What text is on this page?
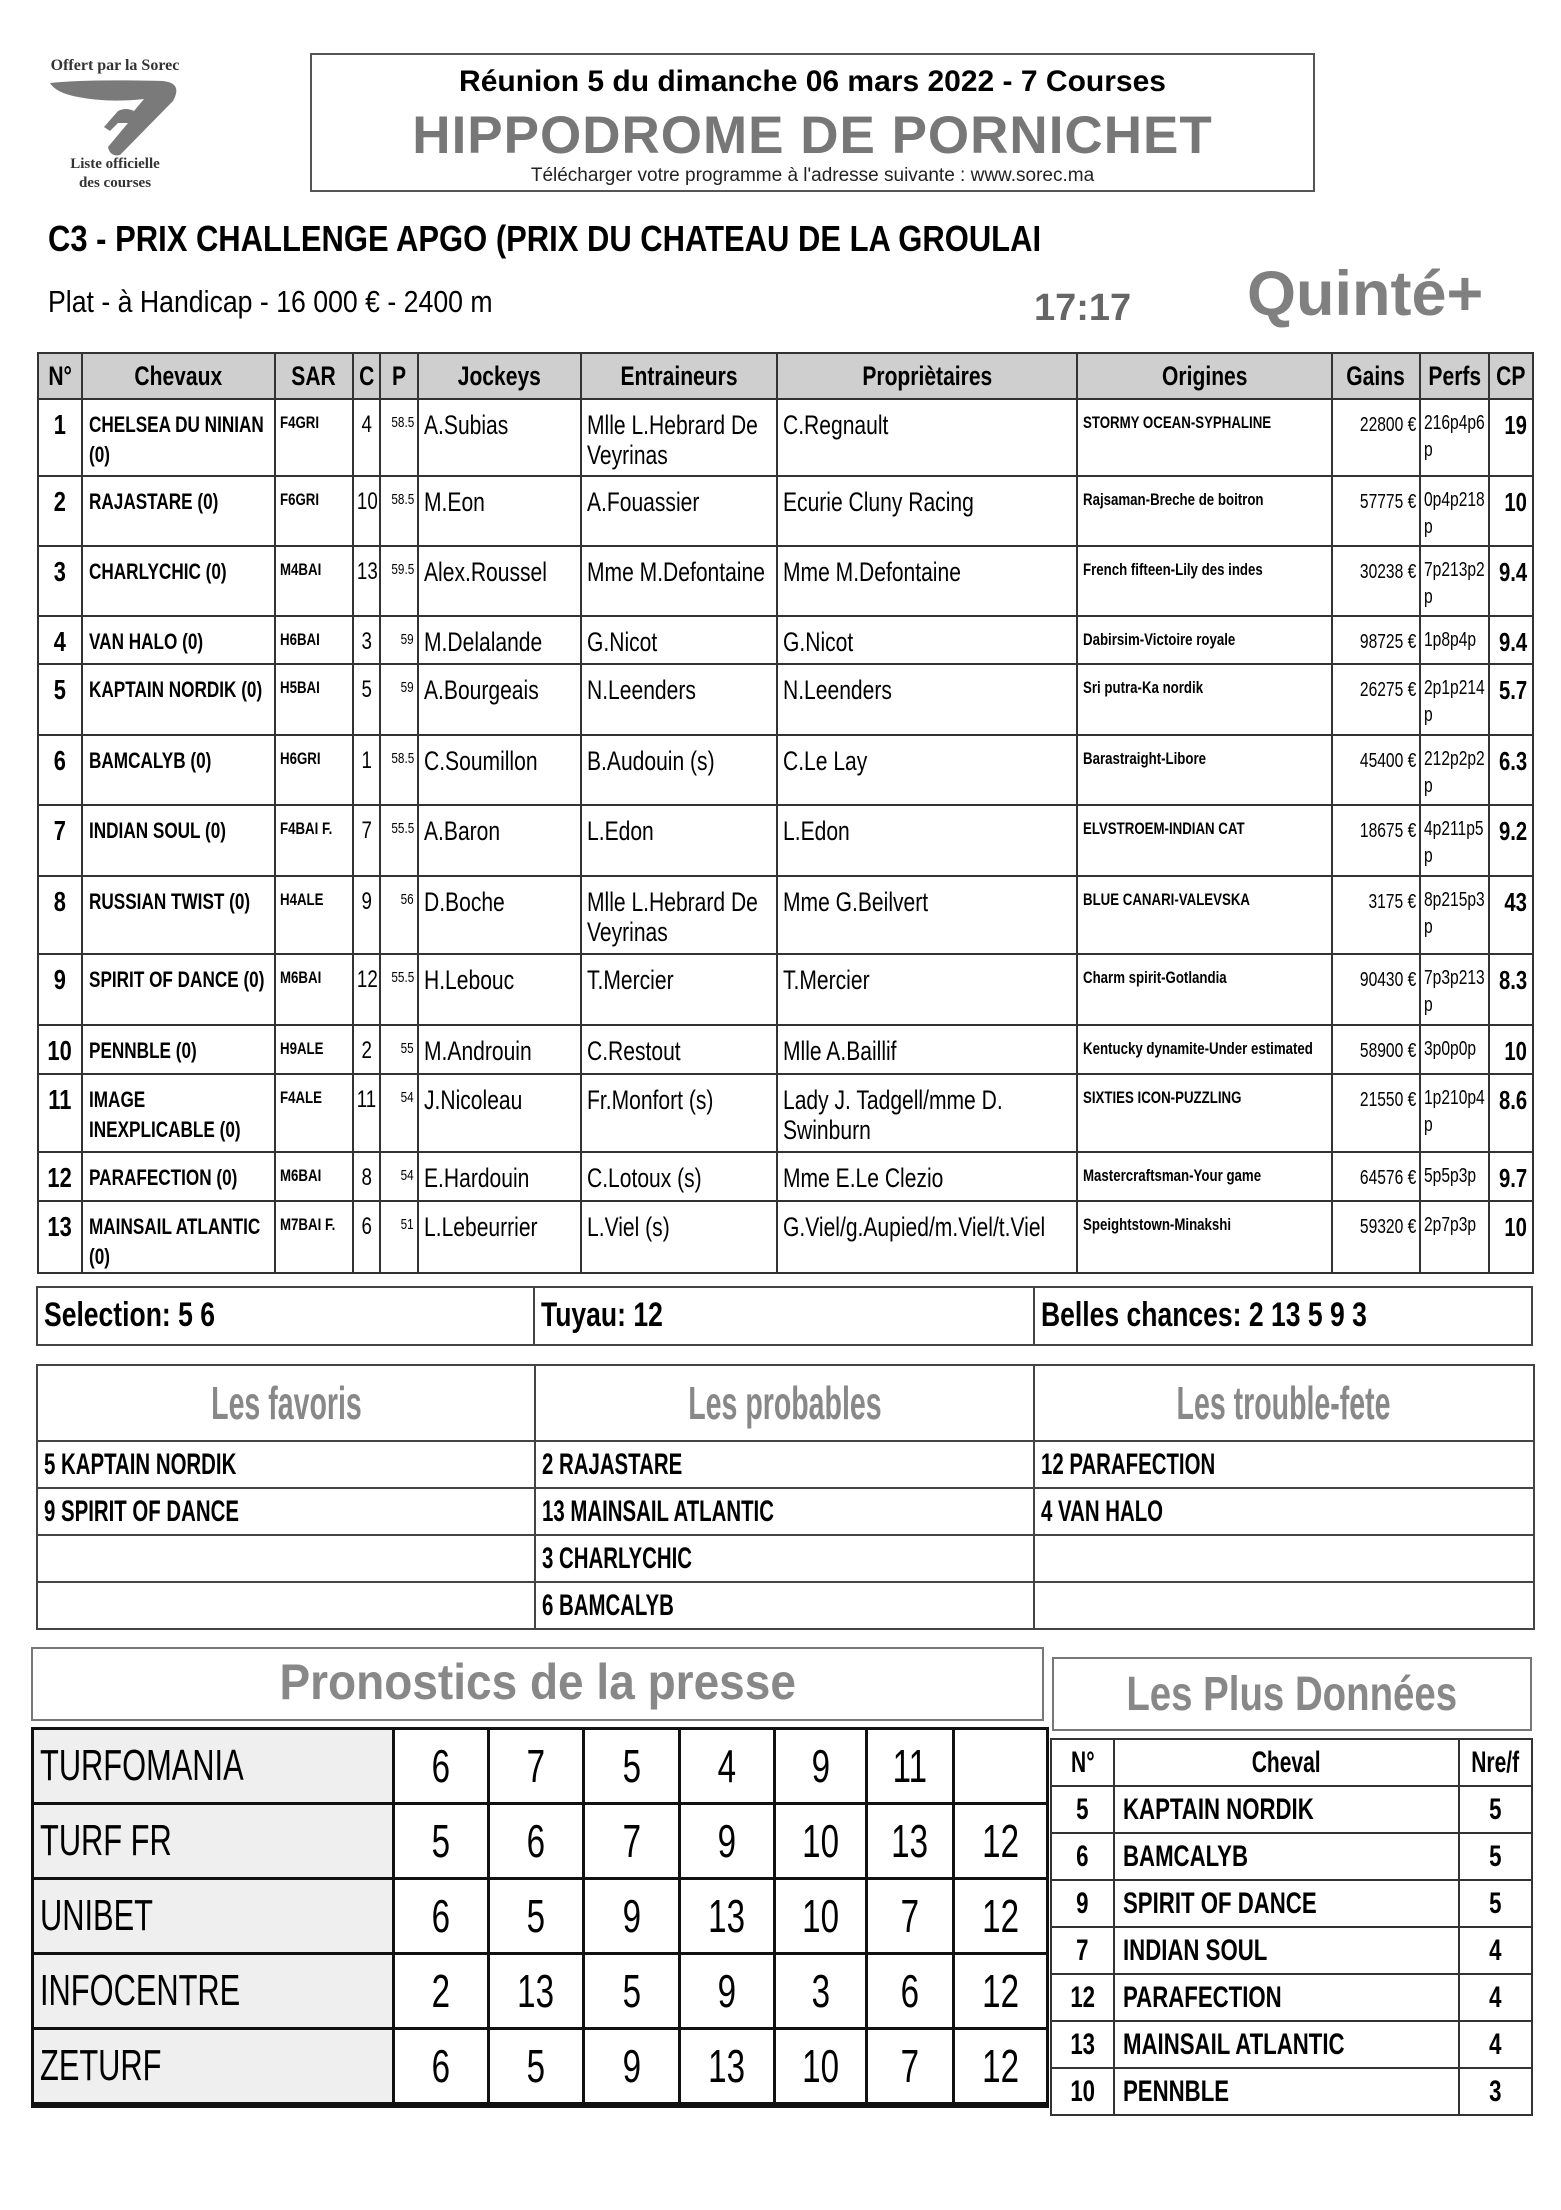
Offert par la Sorec
Liste officielle
des courses
Réunion 5 du dimanche 06 mars 2022 - 7 Courses
HIPPODROME DE PORNICHET
Télécharger votre programme à l'adresse suivante : www.sorec.ma
C3 - PRIX CHALLENGE APGO (PRIX DU CHATEAU DE LA GROULAI
Plat - à Handicap - 16 000 € - 2400 m	17:17 Quinté+
N°	Chevaux	SAR	C	P	Jockeys	Entraineurs	Propriètaires	Origines	Gains	Perfs	CP
1	CHELSEA DU NINIAN (0)	F4GRI	4	58.5	A.Subias	Mlle L.Hebrard De Veyrinas	C.Regnault	STORMY OCEAN-SYPHALINE	22800 €	216p4p6p	19
2	RAJASTARE (0)	F6GRI	10	58.5	M.Eon	A.Fouassier	Ecurie Cluny Racing	Rajsaman-Breche de boitron	57775 €	0p4p218p	10
3	CHARLYCHIC (0)	M4BAI	13	59.5	Alex.Roussel	Mme M.Defontaine	Mme M.Defontaine	French fifteen-Lily des indes	30238 €	7p213p2p	9.4
4	VAN HALO (0)	H6BAI	3	59	M.Delalande	G.Nicot	G.Nicot	Dabirsim-Victoire royale	98725 €	1p8p4p	9.4
5	KAPTAIN NORDIK (0)	H5BAI	5	59	A.Bourgeais	N.Leenders	N.Leenders	Sri putra-Ka nordik	26275 €	2p1p214p	5.7
6	BAMCALYB (0)	H6GRI	1	58.5	C.Soumillon	B.Audouin (s)	C.Le Lay	Barastraight-Libore	45400 €	212p2p2p	6.3
7	INDIAN SOUL (0)	F4BAI F.	7	55.5	A.Baron	L.Edon	L.Edon	ELVSTROEM-INDIAN CAT	18675 €	4p211p5p	9.2
8	RUSSIAN TWIST (0)	H4ALE	9	56	D.Boche	Mlle L.Hebrard De Veyrinas	Mme G.Beilvert	BLUE CANARI-VALEVSKA	3175 €	8p215p3p	43
9	SPIRIT OF DANCE (0)	M6BAI	12	55.5	H.Lebouc	T.Mercier	T.Mercier	Charm spirit-Gotlandia	90430 €	7p3p213p	8.3
10	PENNBLE (0)	H9ALE	2	55	M.Androuin	C.Restout	Mlle A.Baillif	Kentucky dynamite-Under estimated	58900 €	3p0p0p	10
11	IMAGE INEXPLICABLE (0)	F4ALE	11	54	J.Nicoleau	Fr.Monfort (s)	Lady J. Tadgell/mme D. Swinburn	SIXTIES ICON-PUZZLING	21550 €	1p210p4p	8.6
12	PARAFECTION (0)	M6BAI	8	54	E.Hardouin	C.Lotoux (s)	Mme E.Le Clezio	Mastercraftsman-Your game	64576 €	5p5p3p	9.7
13	MAINSAIL ATLANTIC (0)	M7BAI F.	6	51	L.Lebeurrier	L.Viel (s)	G.Viel/g.Aupied/m.Viel/t.Viel	Speightstown-Minakshi	59320 €	2p7p3p	10
Selection: 5 6	Tuyau: 12	Belles chances: 2 13 5 9 3
Les favoris	Les probables	Les trouble-fete
5 KAPTAIN NORDIK	2 RAJASTARE	12 PARAFECTION
9 SPIRIT OF DANCE	13 MAINSAIL ATLANTIC	4 VAN HALO
	3 CHARLYCHIC	
	6 BAMCALYB	
Pronostics de la presse
TURFOMANIA	6	7	5	4	9	11	
TURF FR	5	6	7	9	10	13	12
UNIBET	6	5	9	13	10	7	12
INFOCENTRE	2	13	5	9	3	6	12
ZETURF	6	5	9	13	10	7	12
Les Plus Données
N°	Cheval	Nre/f
5	KAPTAIN NORDIK	5
6	BAMCALYB	5
9	SPIRIT OF DANCE	5
7	INDIAN SOUL	4
12	PARAFECTION	4
13	MAINSAIL ATLANTIC	4
10	PENNBLE	3
